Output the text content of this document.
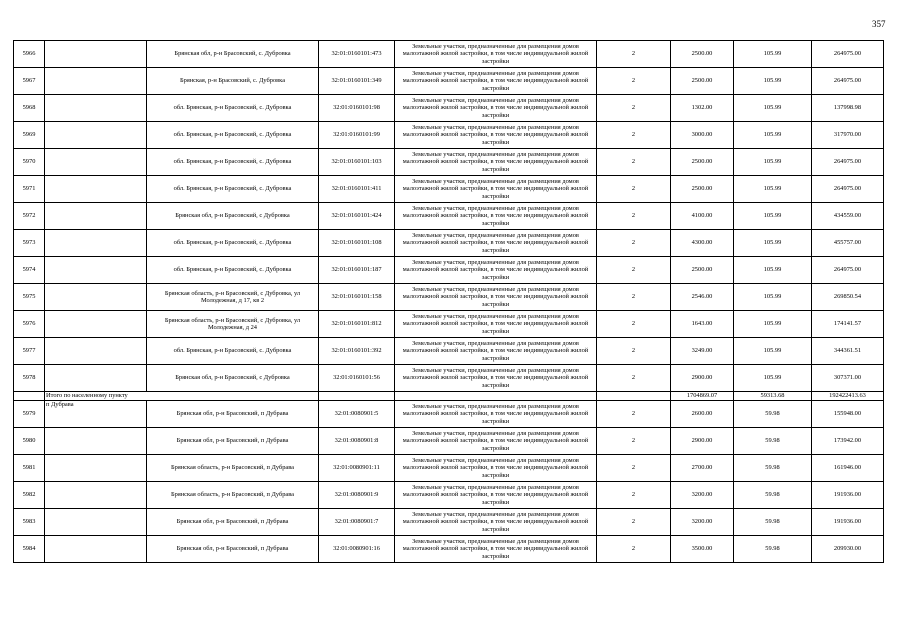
357
5966		Брянская обл, р-н Брасовский, с. Дубровка	32:01:0160101:473	Земельные участки, предназначенные для размещения домов малоэтажной жилой застройки, в том числе индивидуальной жилой застройки	2	2500.00	105.99	264975.00
5967		Брянская, р-н Брасовский, с. Дубровка	32:01:0160101:349	Земельные участки, предназначенные для размещения домов малоэтажной жилой застройки, в том числе индивидуальной жилой застройки	2	2500.00	105.99	264975.00
5968		обл. Брянская, р-н Брасовский, с. Дубровка	32:01:0160101:98	Земельные участки, предназначенные для размещения домов малоэтажной жилой застройки, в том числе индивидуальной жилой застройки	2	1302.00	105.99	137998.98
5969		обл. Брянская, р-н Брасовский, с. Дубровка	32:01:0160101:99	Земельные участки, предназначенные для размещения домов малоэтажной жилой застройки, в том числе индивидуальной жилой застройки	2	3000.00	105.99	317970.00
5970		обл. Брянская, р-н Брасовский, с. Дубровка	32:01:0160101:103	Земельные участки, предназначенные для размещения домов малоэтажной жилой застройки, в том числе индивидуальной жилой застройки	2	2500.00	105.99	264975.00
5971		обл. Брянская, р-н Брасовский, с. Дубровка	32:01:0160101:411	Земельные участки, предназначенные для размещения домов малоэтажной жилой застройки, в том числе индивидуальной жилой застройки	2	2500.00	105.99	264975.00
5972		Брянская обл, р-н Брасовский, с Дубровка	32:01:0160101:424	Земельные участки, предназначенные для размещения домов малоэтажной жилой застройки, в том числе индивидуальной жилой застройки	2	4100.00	105.99	434559.00
5973		обл. Брянская, р-н Брасовский, с. Дубровка	32:01:0160101:108	Земельные участки, предназначенные для размещения домов малоэтажной жилой застройки, в том числе индивидуальной жилой застройки	2	4300.00	105.99	455757.00
5974		обл. Брянская, р-н Брасовский, с. Дубровка	32:01:0160101:187	Земельные участки, предназначенные для размещения домов малоэтажной жилой застройки, в том числе индивидуальной жилой застройки	2	2500.00	105.99	264975.00
5975		Брянская область, р-н Брасовский, с Дубровка, ул Молодежная, д 17, кв 2	32:01:0160101:158	Земельные участки, предназначенные для размещения домов малоэтажной жилой застройки, в том числе индивидуальной жилой застройки	2	2546.00	105.99	269850.54
5976		Брянская область, р-н Брасовский, с Дубровка, ул Молодежная, д 24	32:01:0160101:812	Земельные участки, предназначенные для размещения домов малоэтажной жилой застройки, в том числе индивидуальной жилой застройки	2	1643.00	105.99	174141.57
5977		обл. Брянская, р-н Брасовский, с. Дубровка	32:01:0160101:392	Земельные участки, предназначенные для размещения домов малоэтажной жилой застройки, в том числе индивидуальной жилой застройки	2	3249.00	105.99	344361.51
5978		Брянская обл, р-н Брасовский, с Дубровка	32:01:0160101:56	Земельные участки, предназначенные для размещения домов малоэтажной жилой застройки, в том числе индивидуальной жилой застройки	2	2900.00	105.99	307371.00
	Итого по населенному пункту					1704869.07	59313.68	192422413.63
5979	п Дубрава	Брянская обл, р-н Брасовский, п Дубрава	32:01:0080901:5	Земельные участки, предназначенные для размещения домов малоэтажной жилой застройки, в том числе индивидуальной жилой застройки	2	2600.00	59.98	155948.00
5980		Брянская обл, р-н Брасовский, п Дубрава	32:01:0080901:8	Земельные участки, предназначенные для размещения домов малоэтажной жилой застройки, в том числе индивидуальной жилой застройки	2	2900.00	59.98	173942.00
5981		Брянская область, р-н Брасовский, п Дубрава	32:01:0080901:11	Земельные участки, предназначенные для размещения домов малоэтажной жилой застройки, в том числе индивидуальной жилой застройки	2	2700.00	59.98	161946.00
5982		Брянская область, р-н Брасовский, п Дубрава	32:01:0080901:9	Земельные участки, предназначенные для размещения домов малоэтажной жилой застройки, в том числе индивидуальной жилой застройки	2	3200.00	59.98	191936.00
5983		Брянская обл, р-н Брасовский, п Дубрава	32:01:0080901:7	Земельные участки, предназначенные для размещения домов малоэтажной жилой застройки, в том числе индивидуальной жилой застройки	2	3200.00	59.98	191936.00
5984		Брянская обл, р-н Брасовский, п Дубрава	32:01:0080901:16	Земельные участки, предназначенные для размещения домов малоэтажной жилой застройки, в том числе индивидуальной жилой застройки	2	3500.00	59.98	209930.00
